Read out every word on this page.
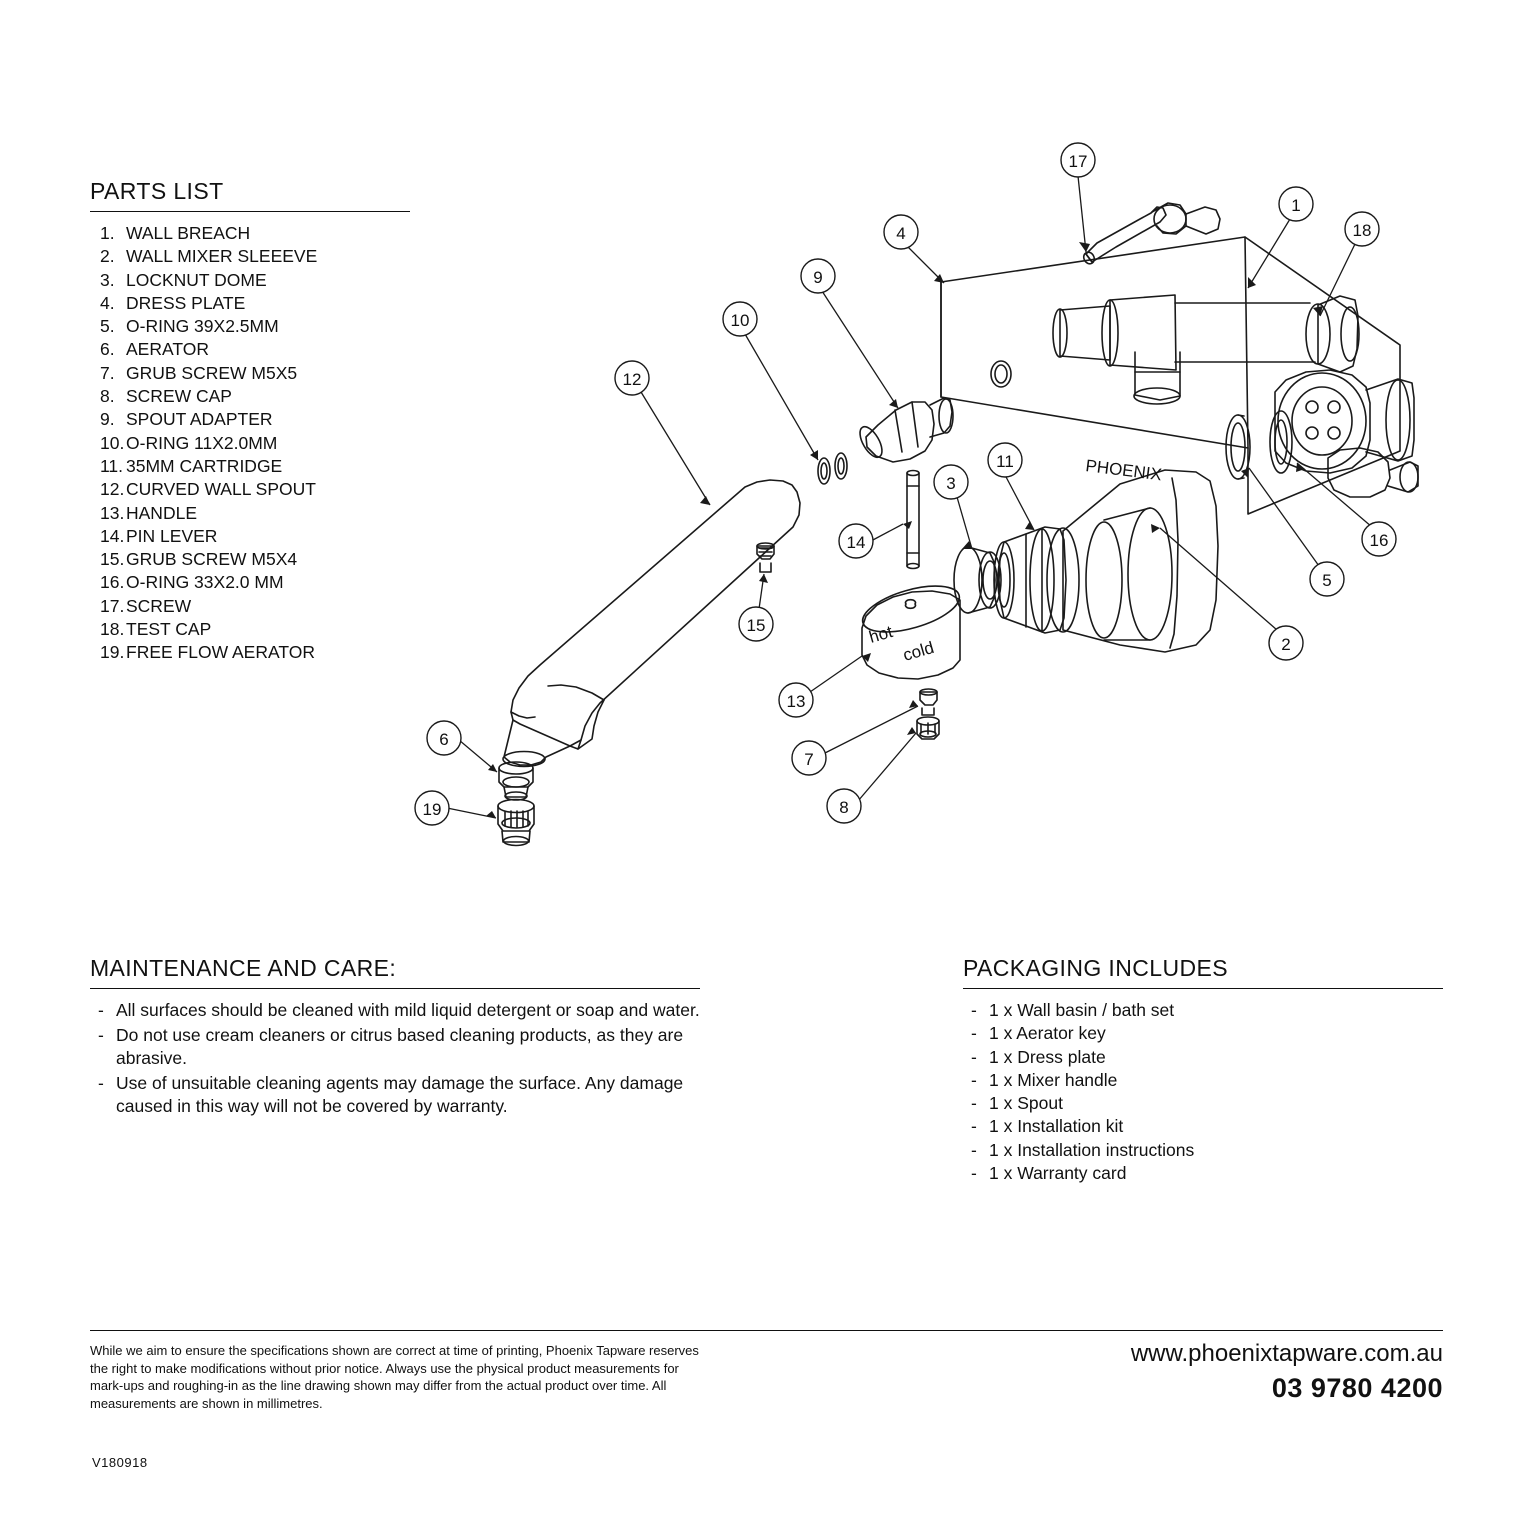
PARTS LIST
1. WALL BREACH
2. WALL MIXER SLEEEVE
3. LOCKNUT DOME
4. DRESS PLATE
5. O-RING 39X2.5MM
6. AERATOR
7. GRUB SCREW M5X5
8. SCREW CAP
9. SPOUT ADAPTER
10.O-RING 11X2.0MM
11. 35MM CARTRIDGE
12.CURVED WALL SPOUT
13.HANDLE
14.PIN LEVER
15.GRUB SCREW M5X4
16.O-RING 33X2.0 MM
17.SCREW
18.TEST CAP
19.FREE FLOW AERATOR
hot
cold
PHOENIX
17
1
18
4
9
10
12
11
3
14	16
5
15
2
13
7
8
6
19
MAINTENANCE AND CARE:
- All surfaces should be cleaned with mild liquid detergent or soap and water.
- Do not use cream cleaners or citrus based cleaning products, as they are abrasive.
- Use of unsuitable cleaning agents may damage the surface. Any damage caused in this way will not be covered by warranty.
PACKAGING INCLUDES
- 1 x Wall basin / bath set
- 1 x Aerator key
- 1 x Dress plate
- 1 x Mixer handle
- 1 x Spout
- 1 x Installation kit
- 1 x Installation instructions
- 1 x Warranty card
While we aim to ensure the specifications shown are correct at time of printing, Phoenix Tapware reserves the right to make modifications without prior notice. Always use the physical product measurements for mark-ups and roughing-in as the line drawing shown may differ from the actual product over time. All measurements are shown in millimetres.
www.phoenixtapware.com.au
03 9780 4200
V180918
